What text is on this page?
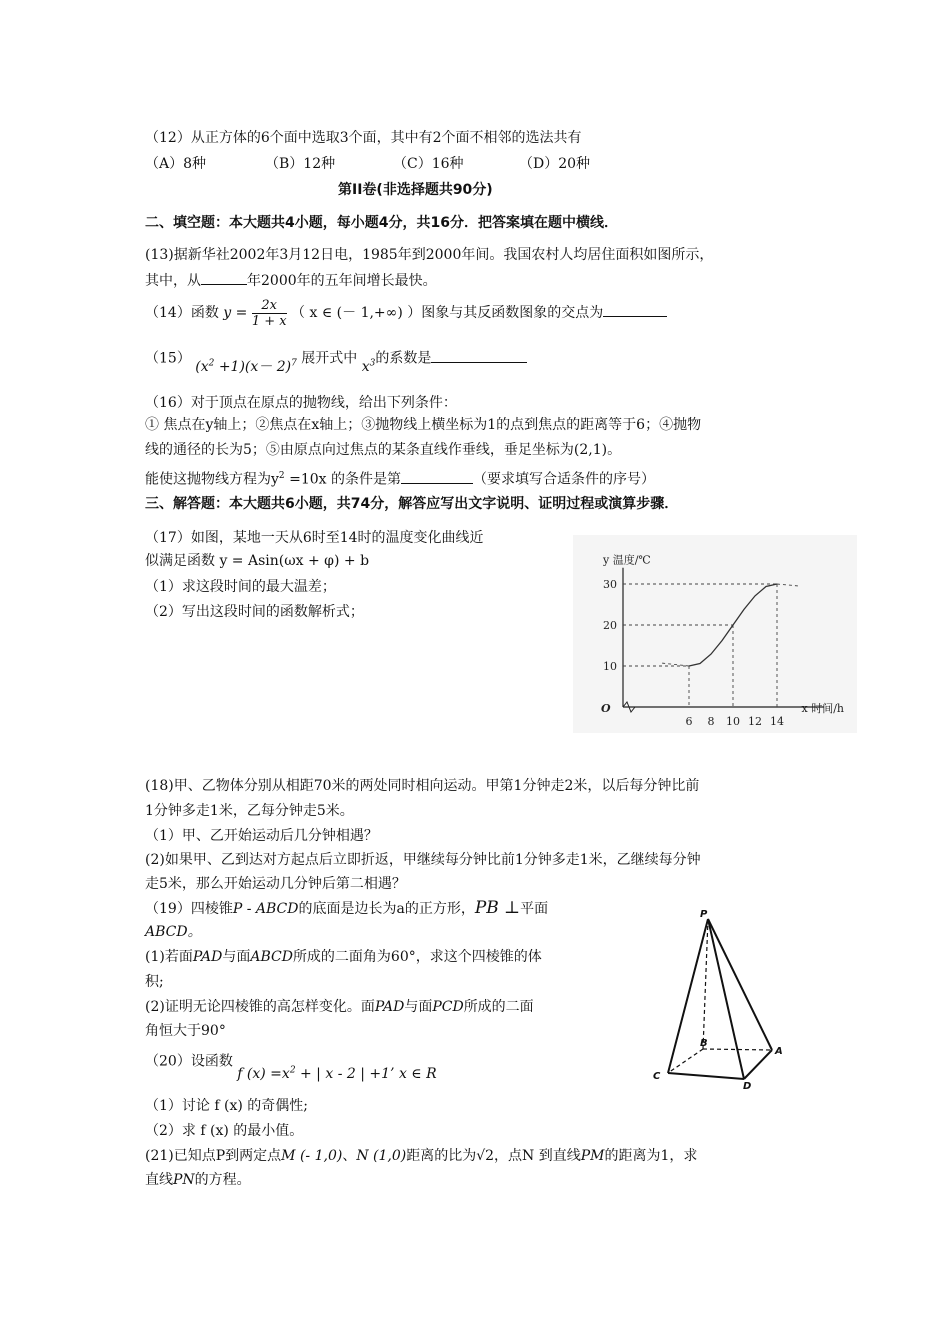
（12）从正方体的6个面中选取3个面，其中有2个面不相邻的选法共有
（A）8种	（B）12种	（C）16种	（D）20种
第II卷(非选择题共90分)
二、填空题：本大题共4小题，每小题4分，共16分．把答案填在题中横线．
(13)据新华社2002年3月12日电，1985年到2000年间。我国农村人均居住面积如图所示，
其中，从	年2000年的五年间增长最快。
（14）函数 $y = \frac{2x}{1 + x}$ （ x ∈ (－ 1,+∞) ）图象与其反函数图象的交点为
（15） $(x^2 +1)(x- 2)^7$ 展开式中 $x^3$的系数是
（16）对于顶点在原点的抛物线，给出下列条件：
① 焦点在y轴上；②焦点在x轴上；③抛物线上横坐标为1的点到焦点的距离等于6；④抛物
线的通径的长为5；⑤由原点向过焦点的某条直线作垂线，垂足坐标为(2,1)。
能使这抛物线方程为$y^2 =10x$ 的条件是第	（要求填写合适条件的序号）
三、解答题：本大题共6小题，共74分，解答应写出文字说明、证明过程或演算步骤．
（17）如图，某地一天从6时至14时的温度变化曲线近
似满足函数 y = Asin(ωx + φ) + b
（1）求这段时间的最大温差；
（2）写出这段时间的函数解析式；
y 温度/℃
x 时间/h
O
6 8 10 12 14
10
20
30
(18)甲、乙物体分别从相距70米的两处同时相向运动。甲第1分钟走2米，以后每分钟比前
1分钟多走1米，乙每分钟走5米。
（1）甲、乙开始运动后几分钟相遇？
(2)如果甲、乙到达对方起点后立即折返，甲继续每分钟比前1分钟多走1米，乙继续每分钟
走5米，那么开始运动几分钟后第二相遇？
（19）四棱锥P - ABCD的底面是边长为a的正方形，PB ⊥平面
ABCD。
(1)若面PAD与面ABCD所成的二面角为60°，求这个四棱锥的体
积;
(2)证明无论四棱锥的高怎样变化。面PAD与面PCD所成的二面
角恒大于90°
P
B
A
C
D
（20）设函数 f $(x) =x^2$ + | x - 2 | +1’ x ∈ R
（1）讨论 f (x) 的奇偶性;
（2）求 f (x) 的最小值。
(21)已知点P到两定点M (- 1,0)、N (1,0)距离的比为√2，点N 到直线PM的距离为1，求
直线PN的方程。
